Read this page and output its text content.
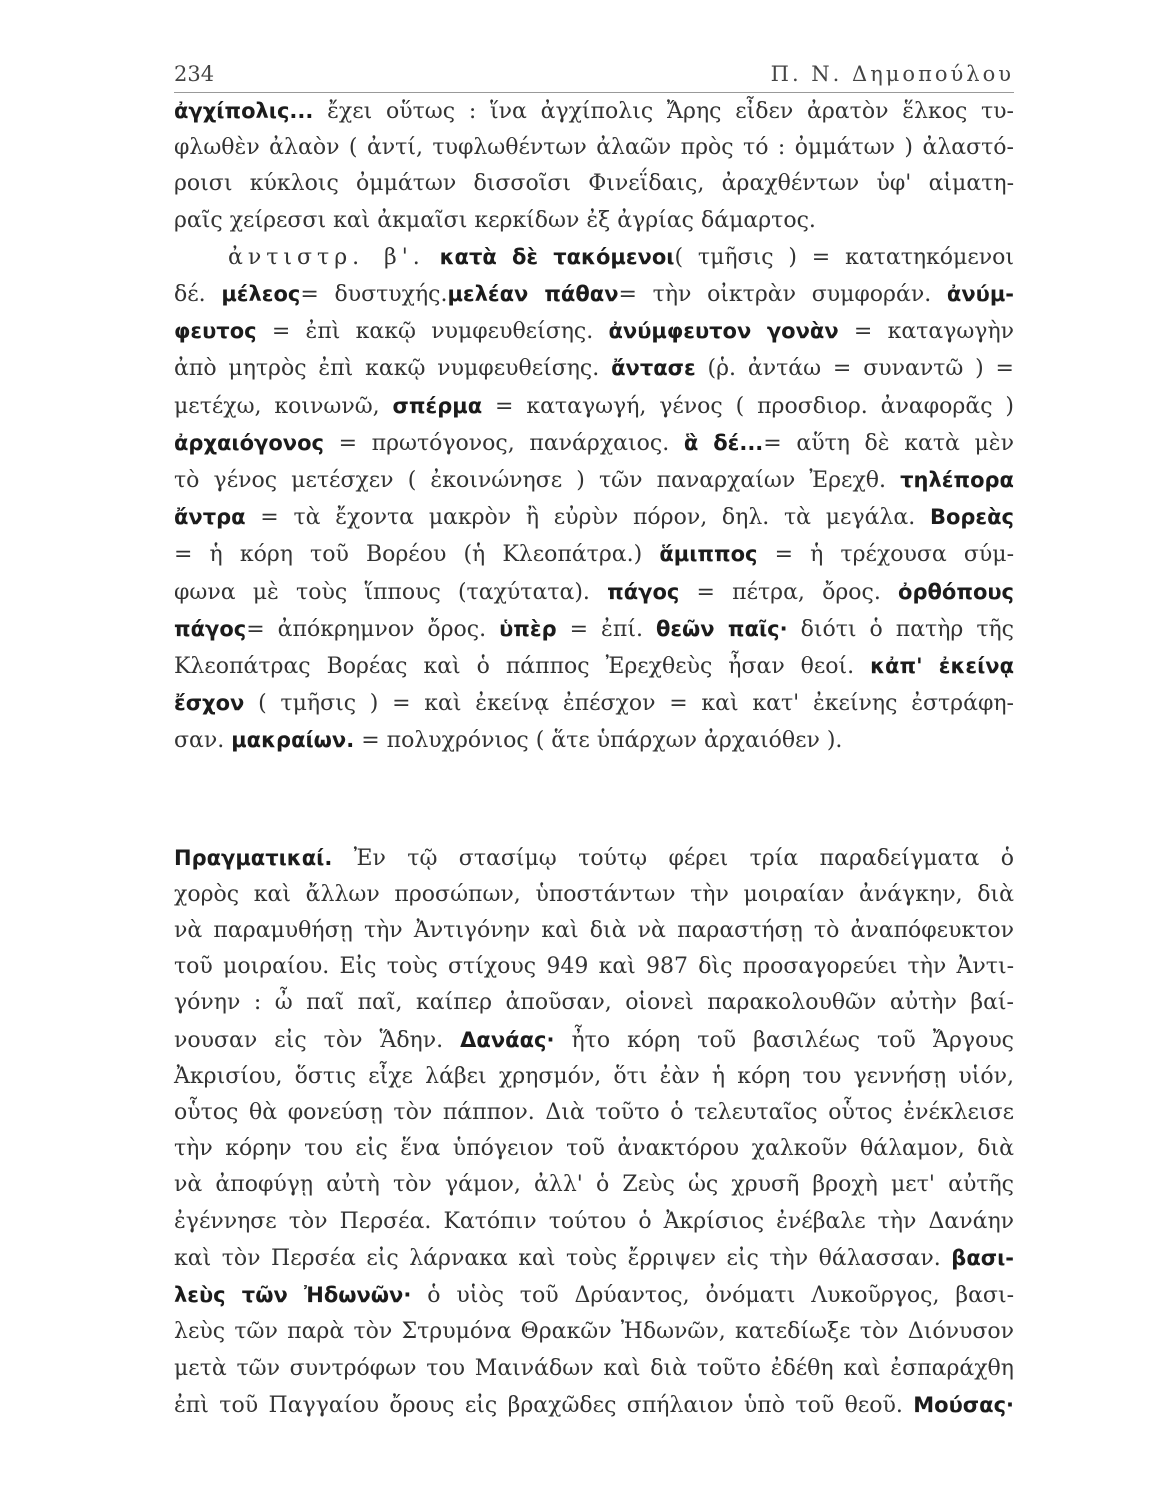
234	Π. Ν. Δημοπούλου

ἀγχίπολις... ἔχει οὕτως : ἵνα ἀγχίπολις Ἄρης εἶδεν ἀρατὸν ἕλκος τυ-
φλωθὲν ἀλαὸν ( ἀντί, τυφλωθέντων ἀλαῶν πρὸς τό : ὀμμάτων ) ἀλαστό-
ροισι κύκλοις ὀμμάτων δισσοῖσι Φινεΐδαις, ἀραχθέντων ὑφ' αἱματη-
ραῖς χείρεσσι καὶ ἀκμαῖσι κερκίδων ἐξ ἀγρίας δάμαρτος.
ἀντιστρ. β'. κατὰ δὲ τακόμενοι( τμῆσις ) = κατατηκόμενοι
δέ. μέλεος= δυστυχής.μελέαν πάθαν= τὴν οἰκτρὰν συμφοράν. ἀνύμ-
φευτος = ἐπὶ κακῷ νυμφευθείσης. ἀνύμφευτον γονὰν = καταγωγὴν
ἀπὸ μητρὸς ἐπὶ κακῷ νυμφευθείσης. ἄντασε (ῥ. ἀντάω = συναντῶ ) =
μετέχω, κοινωνῶ, σπέρμα = καταγωγή, γένος ( προσδιορ. ἀναφορᾶς )
ἀρχαιόγονος = πρωτόγονος, πανάρχαιος. ἃ δέ...= αὕτη δὲ κατὰ μὲν
τὸ γένος μετέσχεν ( ἐκοινώνησε ) τῶν παναρχαίων Ἐρεχθ. τηλέπορα
ἄντρα = τὰ ἔχοντα μακρὸν ἢ εὐρὺν πόρον, δηλ. τὰ μεγάλα. Βορεὰς
= ἡ κόρη τοῦ Βορέου (ἡ Κλεοπάτρα.) ἅμιππος = ἡ τρέχουσα σύμ-
φωνα μὲ τοὺς ἵππους (ταχύτατα). πάγος = πέτρα, ὄρος. ὀρθόπους
πάγος= ἀπόκρημνον ὄρος. ὑπὲρ = ἐπί. θεῶν παῖς· διότι ὁ πατὴρ τῆς
Κλεοπάτρας Βορέας καὶ ὁ πάππος Ἐρεχθεὺς ἦσαν θεοί. κἀπ' ἐκείνᾳ
ἔσχον ( τμῆσις ) = καὶ ἐκείνᾳ ἐπέσχον = καὶ κατ' ἐκείνης ἐστράφη-
σαν. μακραίων. = πολυχρόνιος ( ἅτε ὑπάρχων ἀρχαιόθεν ).

Πραγματικαί. Ἐν τῷ στασίμῳ τούτῳ φέρει τρία παραδείγματα ὁ
χορὸς καὶ ἄλλων προσώπων, ὑποστάντων τὴν μοιραίαν ἀνάγκην, διὰ
νὰ παραμυθήσῃ τὴν Ἀντιγόνην καὶ διὰ νὰ παραστήσῃ τὸ ἀναπόφευκτον
τοῦ μοιραίου. Εἰς τοὺς στίχους 949 καὶ 987 δὶς προσαγορεύει τὴν Ἀντι-
γόνην : ὦ παῖ παῖ, καίπερ ἀποῦσαν, οἱονεὶ παρακολουθῶν αὐτὴν βαί-
νουσαν εἰς τὸν Ἅδην. Δανάας· ἦτο κόρη τοῦ βασιλέως τοῦ Ἄργους
Ἀκρισίου, ὅστις εἶχε λάβει χρησμόν, ὅτι ἐὰν ἡ κόρη του γεννήσῃ υἱόν,
οὗτος θὰ φονεύσῃ τὸν πάππον. Διὰ τοῦτο ὁ τελευταῖος οὗτος ἐνέκλεισε
τὴν κόρην του εἰς ἕνα ὑπόγειον τοῦ ἀνακτόρου χαλκοῦν θάλαμον, διὰ
νὰ ἀποφύγῃ αὐτὴ τὸν γάμον, ἀλλ' ὁ Ζεὺς ὡς χρυσῆ βροχὴ μετ' αὐτῆς
ἐγέννησε τὸν Περσέα. Κατόπιν τούτου ὁ Ἀκρίσιος ἐνέβαλε τὴν Δανάην
καὶ τὸν Περσέα εἰς λάρνακα καὶ τοὺς ἔρριψεν εἰς τὴν θάλασσαν. βασι-
λεὺς τῶν Ἠδωνῶν· ὁ υἱὸς τοῦ Δρύαντος, ὀνόματι Λυκοῦργος, βασι-
λεὺς τῶν παρὰ τὸν Στρυμόνα Θρακῶν Ἠδωνῶν, κατεδίωξε τὸν Διόνυσον
μετὰ τῶν συντρόφων του Μαινάδων καὶ διὰ τοῦτο ἐδέθη καὶ ἐσπαράχθη
ἐπὶ τοῦ Παγγαίου ὄρους εἰς βραχῶδες σπήλαιον ὑπὸ τοῦ θεοῦ. Μούσας·
